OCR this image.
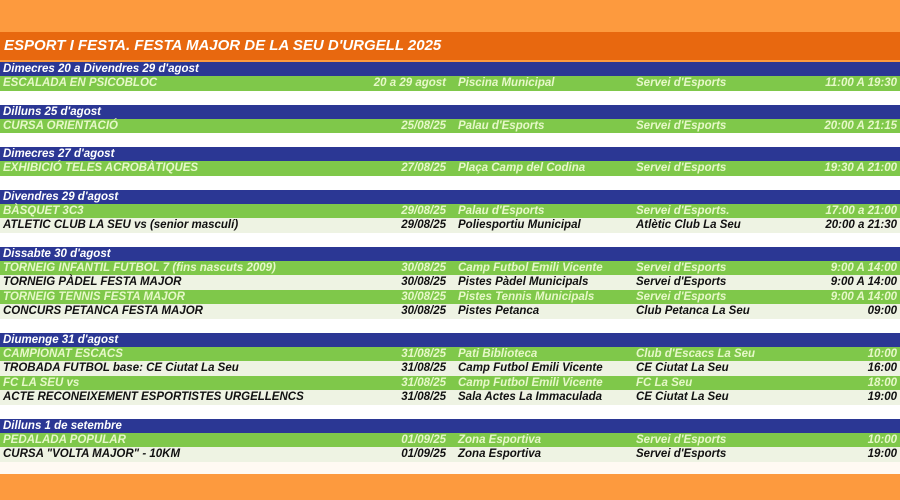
ESPORT I FESTA. FESTA MAJOR DE LA SEU D'URGELL 2025
Dimecres 20 a Divendres 29 d'agost
ESCALADA EN PSICOBLOC	20 a 29 agost Piscina Municipal	Servei d'Esports	11:00 A 19:30
Dilluns 25 d'agost
CURSA ORIENTACIÓ	25/08/25 Palau d'Esports	Servei d'Esports	20:00 A 21:15
Dimecres 27 d'agost
EXHIBICIÓ TELES ACROBÀTIQUES	27/08/25 Plaça Camp del Codina	Servei d'Esports	19:30 A 21:00
Divendres 29 d'agost
BÀSQUET 3C3	29/08/25 Palau d'Esports	Servei d'Esports.	17:00 a 21:00
ATLETIC CLUB LA SEU vs (senior masculí)	29/08/25 Poliesportiu Municipal	Atlètic Club La Seu	20:00 a 21:30
Dissabte 30 d'agost
TORNEIG INFANTIL FUTBOL 7 (fins nascuts 2009)	30/08/25 Camp Futbol Emili Vicente	Servei d'Esports	9:00 A 14:00
TORNEIG PÀDEL FESTA MAJOR	30/08/25 Pistes Pàdel Municipals	Servei d'Esports	9:00 A 14:00
TORNEIG TENNIS FESTA MAJOR	30/08/25 Pistes Tennis Municipals	Servei d'Esports	9:00 A 14:00
CONCURS PETANCA FESTA MAJOR	30/08/25 Pistes Petanca	Club Petanca La Seu	09:00
Diumenge 31 d'agost
CAMPIONAT ESCACS	31/08/25 Pati Biblioteca	Club d'Escacs La Seu	10:00
TROBADA FUTBOL base: CE Ciutat La Seu	31/08/25 Camp Futbol Emili Vicente	CE Ciutat La Seu	16:00
FC LA SEU vs	31/08/25 Camp Futbol Emili Vicente	FC La Seu	18:00
ACTE RECONEIXEMENT ESPORTISTES URGELLENCS	31/08/25 Sala Actes La Immaculada	CE Ciutat La Seu	19:00
Dilluns 1 de setembre
PEDALADA POPULAR	01/09/25 Zona Esportiva	Servei d'Esports	10:00
CURSA "VOLTA MAJOR" - 10KM	01/09/25 Zona Esportiva	Servei d'Esports	19:00
